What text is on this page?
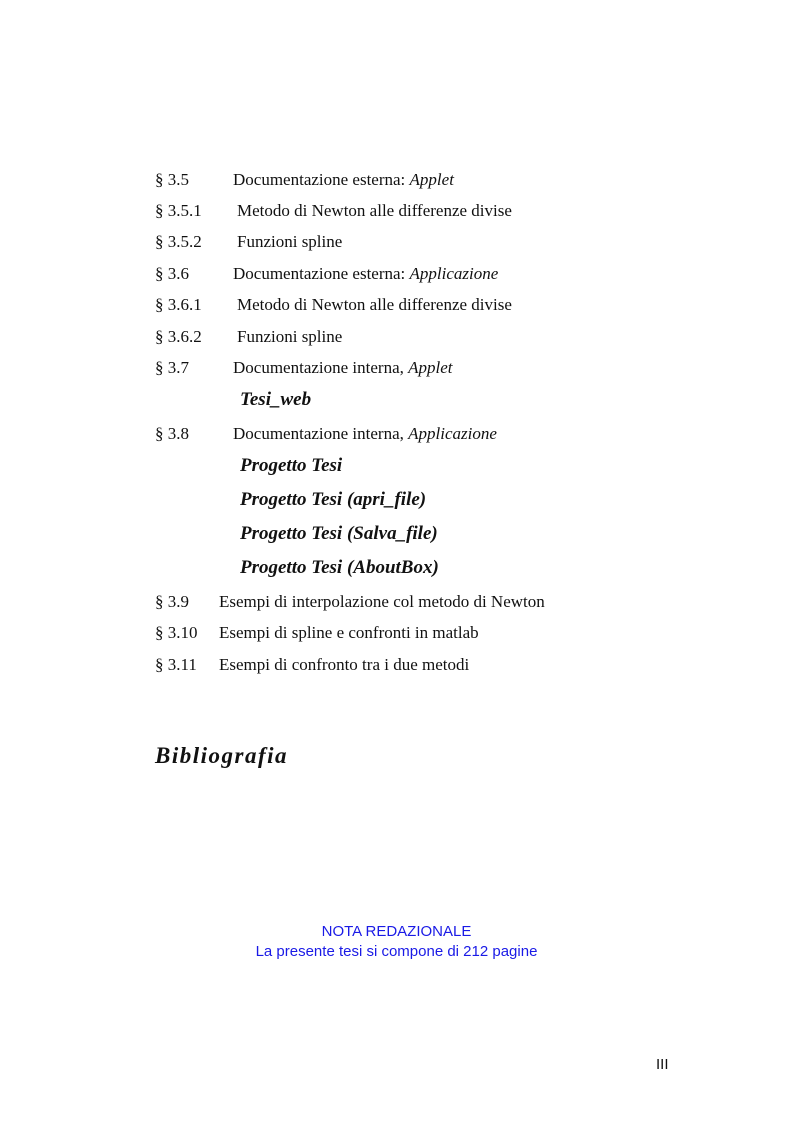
§ 3.5	Documentazione esterna: Applet
§ 3.5.1 Metodo di Newton alle differenze divise
§ 3.5.2 Funzioni spline
§ 3.6	Documentazione esterna: Applicazione
§ 3.6.1 Metodo di Newton alle differenze divise
§ 3.6.2 Funzioni spline
§ 3.7	Documentazione interna, Applet
Tesi_web
§ 3.8	Documentazione interna, Applicazione
Progetto Tesi
Progetto Tesi (apri_file)
Progetto Tesi (Salva_file)
Progetto Tesi (AboutBox)
§ 3.9 Esempi di interpolazione col metodo di Newton
§ 3.10 Esempi di spline e confronti in matlab
§ 3.11 Esempi di confronto tra i due metodi
Bibliografia
NOTA REDAZIONALE
La presente tesi si compone di 212 pagine
III
